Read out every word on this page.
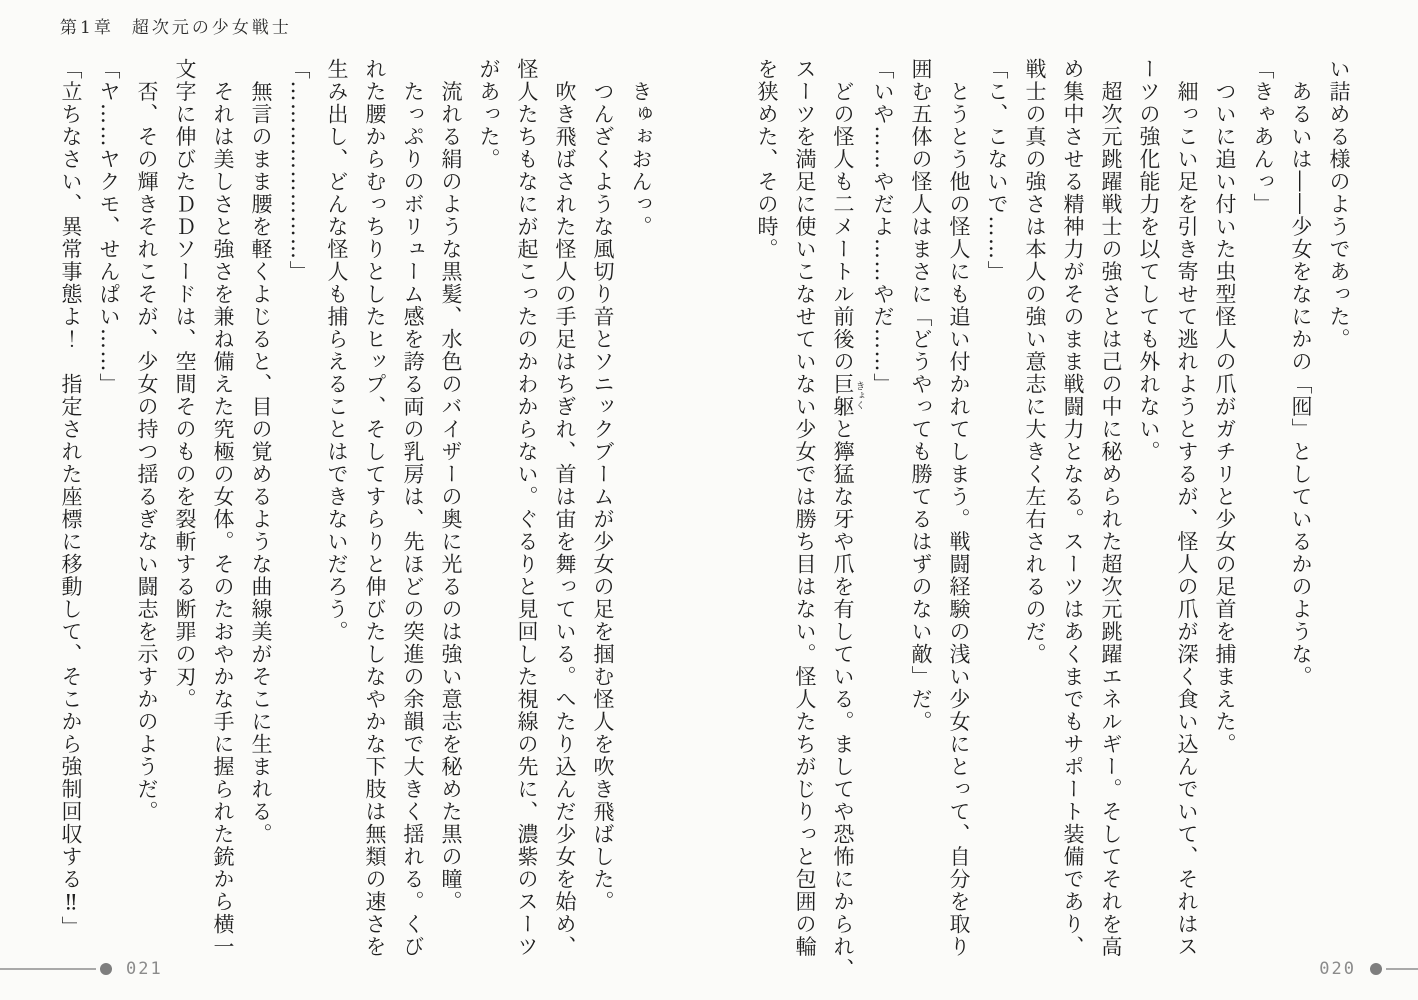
第1章 超次元の少女戦士

い詰める様のようであった。

　あるいは――少女をなにかの「囮」としているかのような。

「きゃあんっ」

　ついに追い付いた虫型怪人の爪がガチリと少女の足首を捕まえた。

　細っこい足を引き寄せて逃れようとするが、怪人の爪が深く食い込んでいて、それはス

ーツの強化能力を以てしても外れない。

　超次元跳躍戦士の強さとは己の中に秘められた超次元跳躍エネルギー。そしてそれを高

め集中させる精神力がそのまま戦闘力となる。スーツはあくまでもサポート装備であり、

戦士の真の強さは本人の強い意志に大きく左右されるのだ。

「こ、こないで……」

　とうとう他の怪人にも追い付かれてしまう。戦闘経験の浅い少女にとって、自分を取り

囲む五体の怪人はまさに「どうやっても勝てるはずのない敵」だ。

「いや……やだよ……やだ……」

　どの怪人も二メートル前後の巨躯きょくと獰猛な牙や爪を有している。ましてや恐怖にかられ、

スーツを満足に使いこなせていない少女では勝ち目はない。怪人たちがじりっと包囲の輪

を狭めた、その時。

　きゅぉおんっ。

　つんざくような風切り音とソニックブームが少女の足を掴む怪人を吹き飛ばした。

　吹き飛ばされた怪人の手足はちぎれ、首は宙を舞っている。へたり込んだ少女を始め、

怪人たちもなにが起こったのかわからない。ぐるりと見回した視線の先に、濃紫のスーツ

があった。

　流れる絹のような黒髪、水色のバイザーの奥に光るのは強い意志を秘めた黒の瞳。

　たっぷりのボリューム感を誇る両の乳房は、先ほどの突進の余韻で大きく揺れる。くび

れた腰からむっちりとしたヒップ、そしてすらりと伸びたしなやかな下肢は無類の速さを

生み出し、どんな怪人も捕らえることはできないだろう。

「……………………」

　無言のまま腰を軽くよじると、目の覚めるような曲線美がそこに生まれる。

　それは美しさと強さを兼ね備えた究極の女体。そのたおやかな手に握られた銃から横一

文字に伸びたＤＤソードは、空間そのものを裂斬する断罪の刃。

　否、その輝きそれこそが、少女の持つ揺るぎない闘志を示すかのようだ。

「ヤ……ヤクモ、せんぱい……」

「立ちなさい、異常事態よ！　指定された座標に移動して、そこから強制回収する‼」

020
021
